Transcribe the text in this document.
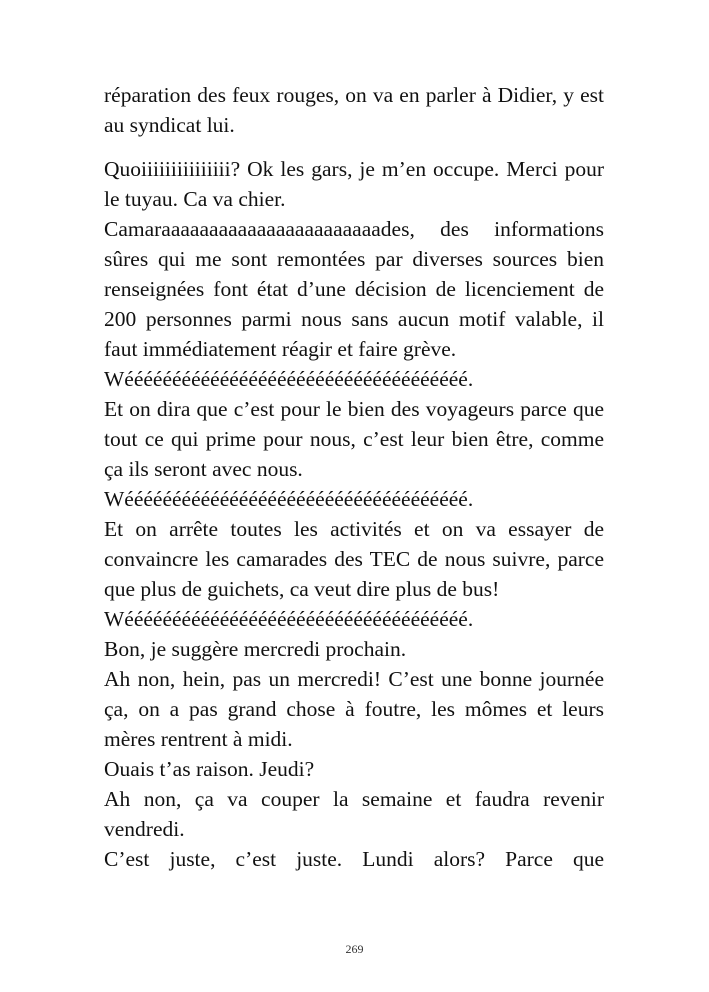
réparation des feux rouges, on va en parler à Didier, y est au syndicat lui.

Quoiiiiiiiiiiiiiii? Ok les gars, je m’en occupe. Merci pour le tuyau. Ca va chier.

Camaraaaaaaaaaaaaaaaaaaaaaaades, des informations sûres qui me sont remontées par diverses sources bien renseignées font état d’une décision de licenciement de 200 personnes parmi nous sans aucun motif valable, il faut immédiatement réagir et faire grève.

Wéééééééééééééééééééééééééééééééééééé.

Et on dira que c’est pour le bien des voyageurs parce que tout ce qui prime pour nous, c’est leur bien être, comme ça ils seront avec nous.

Wéééééééééééééééééééééééééééééééééééé.

Et on arrête toutes les activités et on va essayer de convaincre les camarades des TEC de nous suivre, parce que plus de guichets, ca veut dire plus de bus!

Wéééééééééééééééééééééééééééééééééééé.

Bon, je suggère mercredi prochain.

Ah non, hein, pas un mercredi! C’est une bonne journée ça, on a pas grand chose à foutre, les mômes et leurs mères rentrent à midi.

Ouais t’as raison. Jeudi?

Ah non, ça va couper la semaine et faudra revenir vendredi.

C’est juste, c’est juste. Lundi alors? Parce que

269
